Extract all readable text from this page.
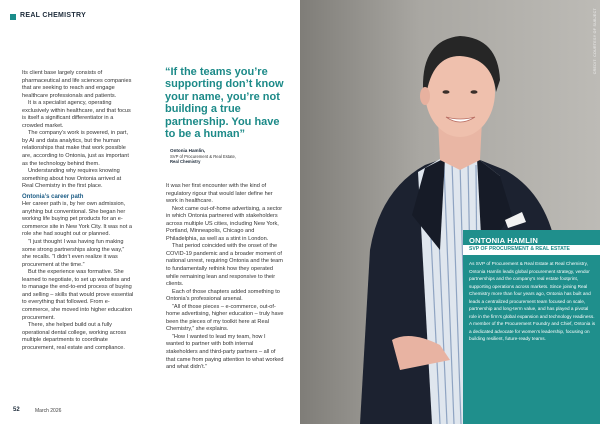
REAL CHEMISTRY

Its client base largely consists of pharmaceutical and life sciences companies that are seeking to reach and engage healthcare professionals and patients.

It is a specialist agency, operating exclusively within healthcare, and that focus is itself a significant differentiator in a crowded market.

The company’s work is powered, in part, by AI and data analytics, but the human relationships that make that work possible are, according to Ontonia, just as important as the technology behind them.

Understanding why requires knowing something about how Ontonia arrived at Real Chemistry in the first place.

Ontonia’s career path

Her career path is, by her own admission, anything but conventional. She began her working life buying pet products for an e-commerce site in New York City. It was not a role she had sought out or planned.

“I just thought I was having fun making some strong partnerships along the way,” she recalls. “I didn’t even realize it was procurement at the time.”

But the experience was formative. She learned to negotiate, to set up websites and to manage the end-to-end process of buying and selling – skills that would prove essential to everything that followed. From e-commerce, she moved into higher education procurement.

There, she helped build out a fully operational dental college, working across multiple departments to coordinate procurement, real estate and compliance.

“If the teams you’re supporting don’t know your name, you’re not building a true partnership. You have to be a human”
Ontonia Hamlin,
SVP of Procurement & Real Estate,
Real Chemistry

It was her first encounter with the kind of regulatory rigour that would later define her work in healthcare.

Next came out-of-home advertising, a sector in which Ontonia partnered with stakeholders across multiple US cities, including New York, Portland, Minneapolis, Chicago and Philadelphia, as well as a stint in London.

That period coincided with the onset of the COVID-19 pandemic and a broader moment of national unrest, requiring Ontonia and the team to fundamentally rethink how they operated while remaining lean and responsive to their clients.

Each of those chapters added something to Ontonia’s professional arsenal.

“All of those pieces – e-commerce, out-of-home advertising, higher education – truly have been the pieces of my toolkit here at Real Chemistry,” she explains.

“How I wanted to lead my team, how I wanted to partner with both internal stakeholders and third-party partners – all of that came from paying attention to what worked and what didn’t.”

52	March 2026
CREDIT: COURTESY OF SUBJECT
ONTONIA HAMLIN
SVP OF PROCUREMENT & REAL ESTATE
As SVP of Procurement & Real Estate at Real Chemistry, Ontonia Hamlin leads global procurement strategy, vendor partnerships and the company’s real estate footprint, supporting operations across markets. Since joining Real Chemistry more than four years ago, Ontonia has built and leads a centralized procurement team focused on scale, partnership and long-term value, and has played a pivotal role in the firm’s global expansion and technology readiness. A member of the Procurement Foundry and Chief, Ontonia is a dedicated advocate for women’s leadership, focusing on building resilient, future-ready teams.
